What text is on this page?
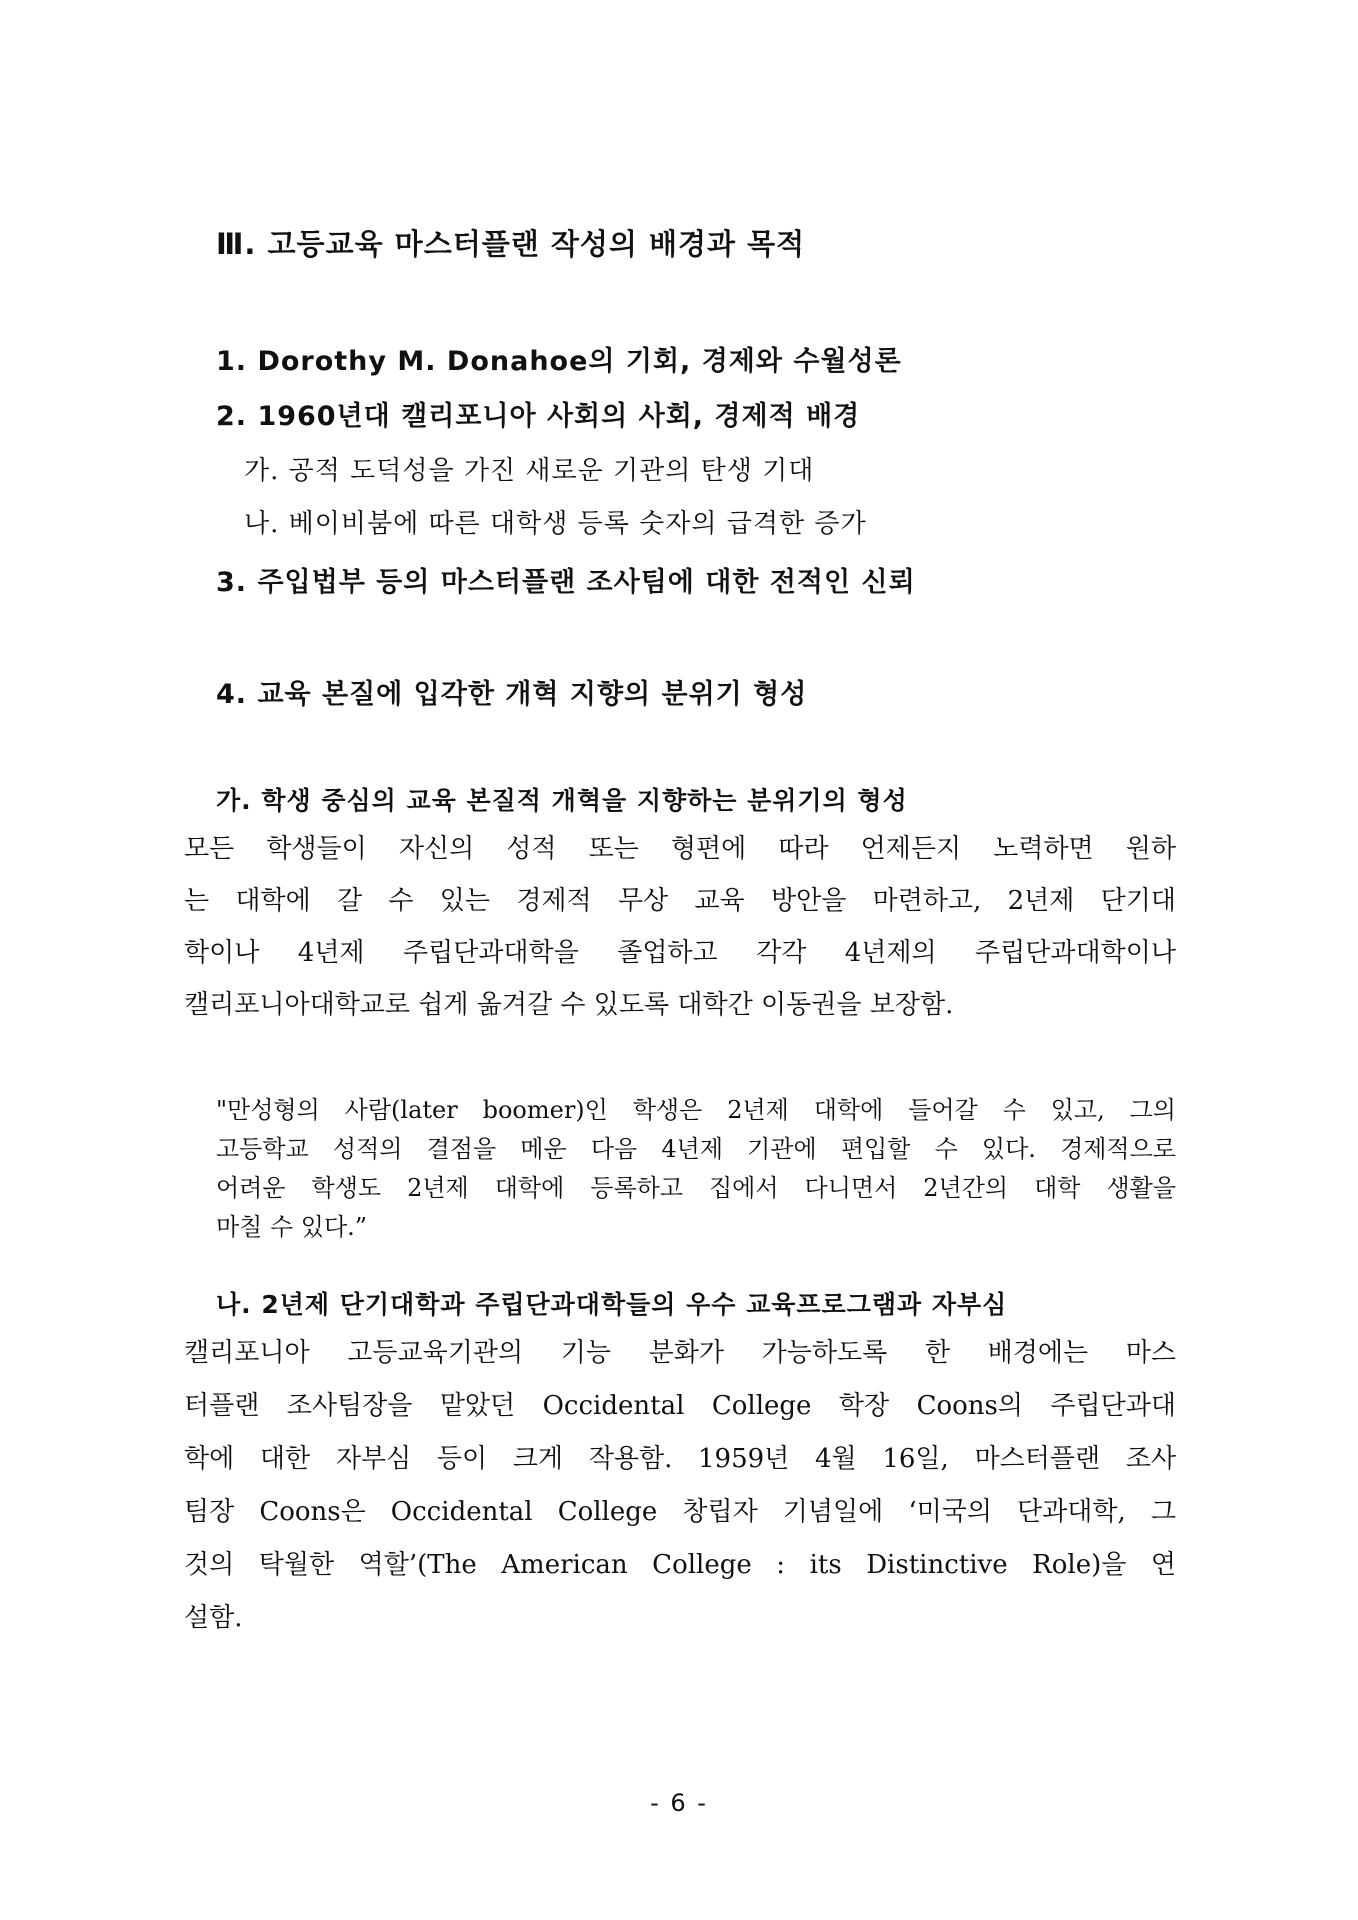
Ⅲ. 고등교육 마스터플랜 작성의 배경과 목적
1. Dorothy M. Donahoe의 기회, 경제와 수월성론
2. 1960년대 캘리포니아 사회의 사회, 경제적 배경
가. 공적 도덕성을 가진 새로운 기관의 탄생 기대
나. 베이비붐에 따른 대학생 등록 숫자의 급격한 증가
3. 주입법부 등의 마스터플랜 조사팀에 대한 전적인 신뢰
4. 교육 본질에 입각한 개혁 지향의 분위기 형성
가. 학생 중심의 교육 본질적 개혁을 지향하는 분위기의 형성
모든 학생들이 자신의 성적 또는 형편에 따라 언제든지 노력하면 원하
는 대학에 갈 수 있는 경제적 무상 교육 방안을 마련하고, 2년제 단기대
학이나 4년제 주립단과대학을 졸업하고 각각 4년제의 주립단과대학이나
캘리포니아대학교로 쉽게 옮겨갈 수 있도록 대학간 이동권을 보장함.
"만성형의 사람(later boomer)인 학생은 2년제 대학에 들어갈 수 있고, 그의
고등학교 성적의 결점을 메운 다음 4년제 기관에 편입할 수 있다. 경제적으로
어려운 학생도 2년제 대학에 등록하고 집에서 다니면서 2년간의 대학 생활을
마칠 수 있다.”
나. 2년제 단기대학과 주립단과대학들의 우수 교육프로그램과 자부심
캘리포니아 고등교육기관의 기능 분화가 가능하도록 한 배경에는 마스
터플랜 조사팀장을 맡았던 Occidental College 학장 Coons의 주립단과대
학에 대한 자부심 등이 크게 작용함. 1959년 4월 16일, 마스터플랜 조사
팀장 Coons은 Occidental College 창립자 기념일에 ‘미국의 단과대학, 그
것의 탁월한 역할’(The American College : its Distinctive Role)을 연
설함.
- 6 -
